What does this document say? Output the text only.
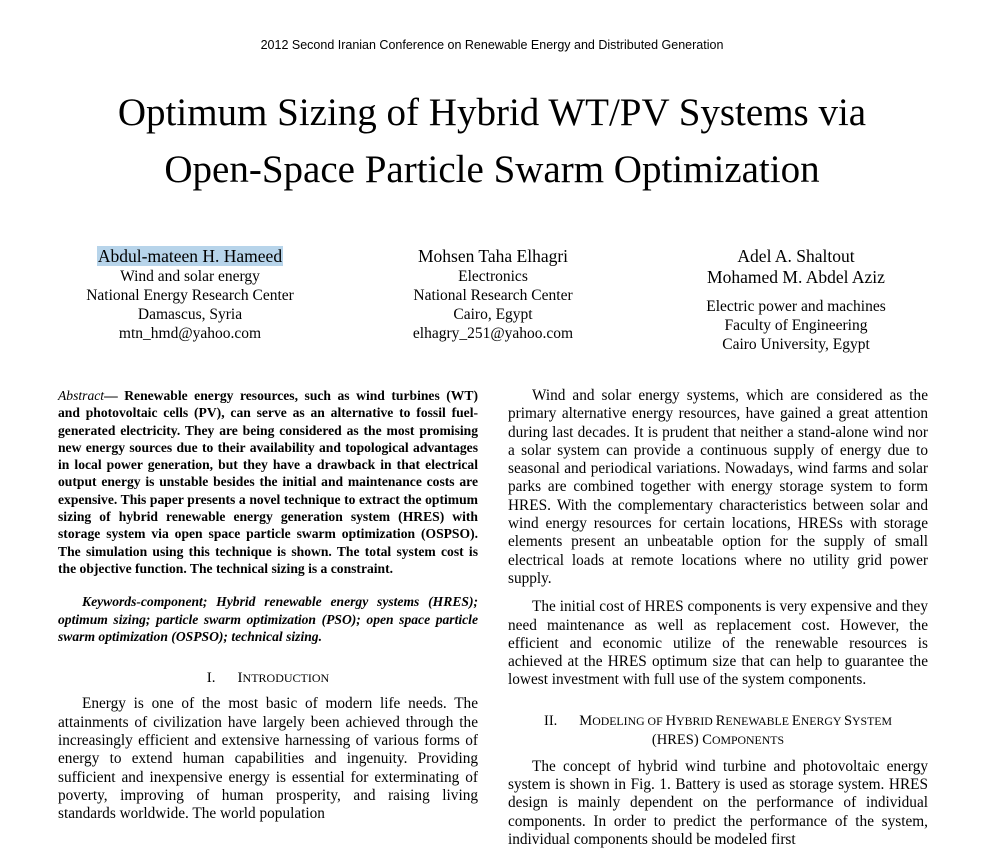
2012 Second Iranian Conference on Renewable Energy and Distributed Generation
Optimum Sizing of Hybrid WT/PV Systems via
Open-Space Particle Swarm Optimization
Abdul-mateen H. Hameed
Wind and solar energy
National Energy Research Center
Damascus, Syria
mtn_hmd@yahoo.com
Mohsen Taha Elhagri
Electronics
National Research Center
Cairo, Egypt
elhagry_251@yahoo.com
Adel A. Shaltout
Mohamed M. Abdel Aziz
Electric power and machines
Faculty of Engineering
Cairo University, Egypt

Abstract— Renewable energy resources, such as wind turbines (WT) and photovoltaic cells (PV), can serve as an alternative to fossil fuel-generated electricity. They are being considered as the most promising new energy sources due to their availability and topological advantages in local power generation, but they have a drawback in that electrical output energy is unstable besides the initial and maintenance costs are expensive. This paper presents a novel technique to extract the optimum sizing of hybrid renewable energy generation system (HRES) with storage system via open space particle swarm optimization (OSPSO). The simulation using this technique is shown. The total system cost is the objective function. The technical sizing is a constraint.

Keywords-component; Hybrid renewable energy systems (HRES); optimum sizing; particle swarm optimization (PSO); open space particle swarm optimization (OSPSO); technical sizing.

I. INTRODUCTION

Energy is one of the most basic of modern life needs. The attainments of civilization have largely been achieved through the increasingly efficient and extensive harnessing of various forms of energy to extend human capabilities and ingenuity. Providing sufficient and inexpensive energy is essential for exterminating of poverty, improving of human prosperity, and raising living standards worldwide. The world population

Wind and solar energy systems, which are considered as the primary alternative energy resources, have gained a great attention during last decades. It is prudent that neither a stand-alone wind nor a solar system can provide a continuous supply of energy due to seasonal and periodical variations. Nowadays, wind farms and solar parks are combined together with energy storage system to form HRES. With the complementary characteristics between solar and wind energy resources for certain locations, HRESs with storage elements present an unbeatable option for the supply of small electrical loads at remote locations where no utility grid power supply.

The initial cost of HRES components is very expensive and they need maintenance as well as replacement cost. However, the efficient and economic utilize of the renewable resources is achieved at the HRES optimum size that can help to guarantee the lowest investment with full use of the system components.

II. MODELING OF HYBRID RENEWABLE ENERGY SYSTEM
(HRES) COMPONENTS

The concept of hybrid wind turbine and photovoltaic energy system is shown in Fig. 1. Battery is used as storage system. HRES design is mainly dependent on the performance of individual components. In order to predict the performance of the system, individual components should be modeled first
